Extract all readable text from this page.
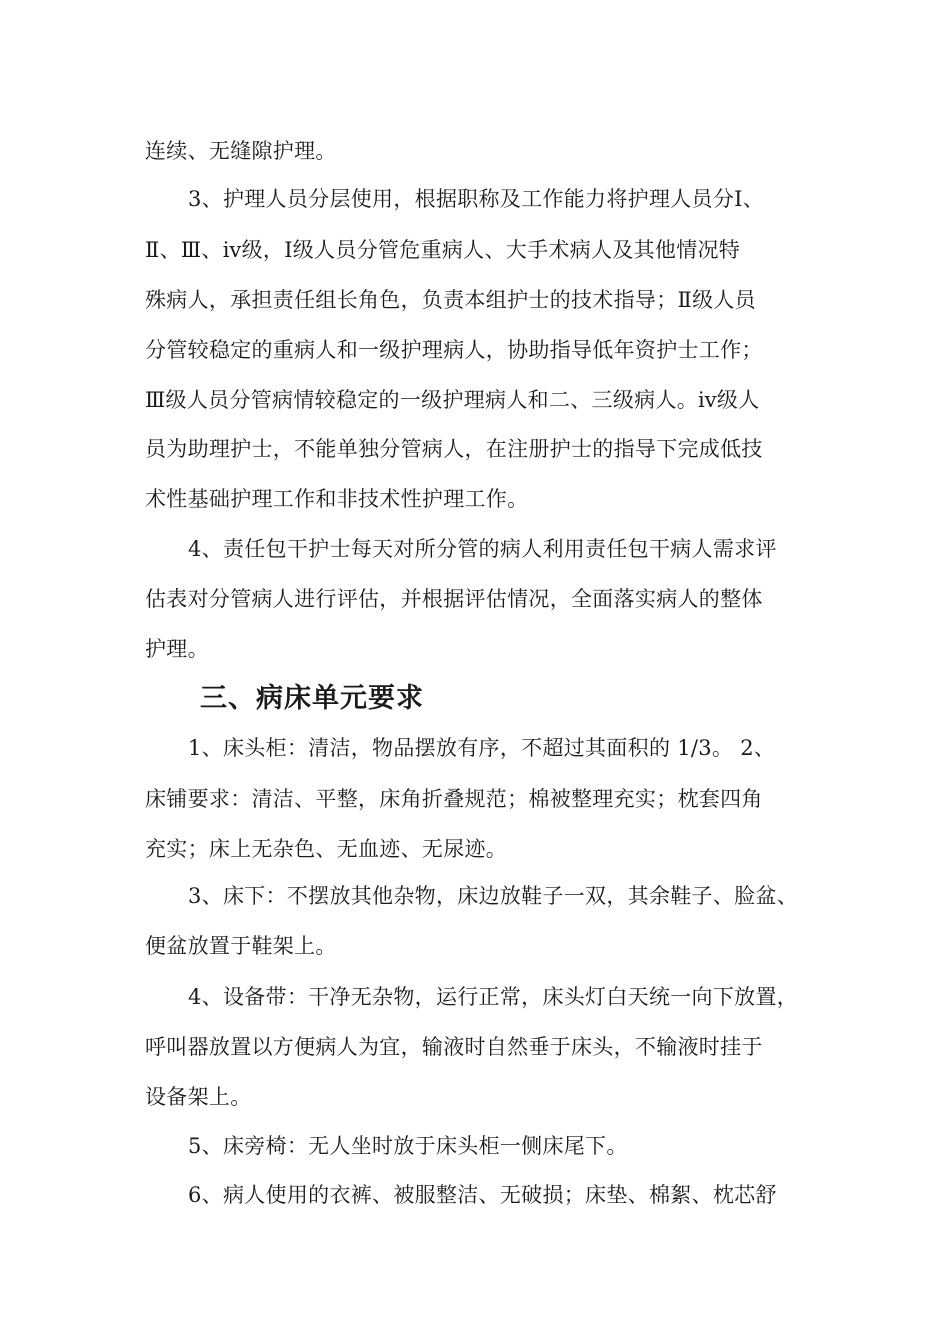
连续、无缝隙护理。
3、护理人员分层使用，根据职称及工作能力将护理人员分Ⅰ、
Ⅱ、Ⅲ、ⅳ级，Ⅰ级人员分管危重病人、大手术病人及其他情况特
殊病人，承担责任组长角色，负责本组护士的技术指导；Ⅱ级人员
分管较稳定的重病人和一级护理病人，协助指导低年资护士工作；
Ⅲ级人员分管病情较稳定的一级护理病人和二、三级病人。ⅳ级人
员为助理护士，不能单独分管病人，在注册护士的指导下完成低技
术性基础护理工作和非技术性护理工作。
4、责任包干护士每天对所分管的病人利用责任包干病人需求评
估表对分管病人进行评估，并根据评估情况，全面落实病人的整体
护理。
三、病床单元要求
1、床头柜：清洁，物品摆放有序，不超过其面积的 1/3。 2、
床铺要求：清洁、平整，床角折叠规范；棉被整理充实；枕套四角
充实；床上无杂色、无血迹、无尿迹。
3、床下：不摆放其他杂物，床边放鞋子一双，其余鞋子、脸盆、
便盆放置于鞋架上。
4、设备带：干净无杂物，运行正常，床头灯白天统一向下放置，
呼叫器放置以方便病人为宜，输液时自然垂于床头，不输液时挂于
设备架上。
5、床旁椅：无人坐时放于床头柜一侧床尾下。
6、病人使用的衣裤、被服整洁、无破损；床垫、棉絮、枕芯舒
